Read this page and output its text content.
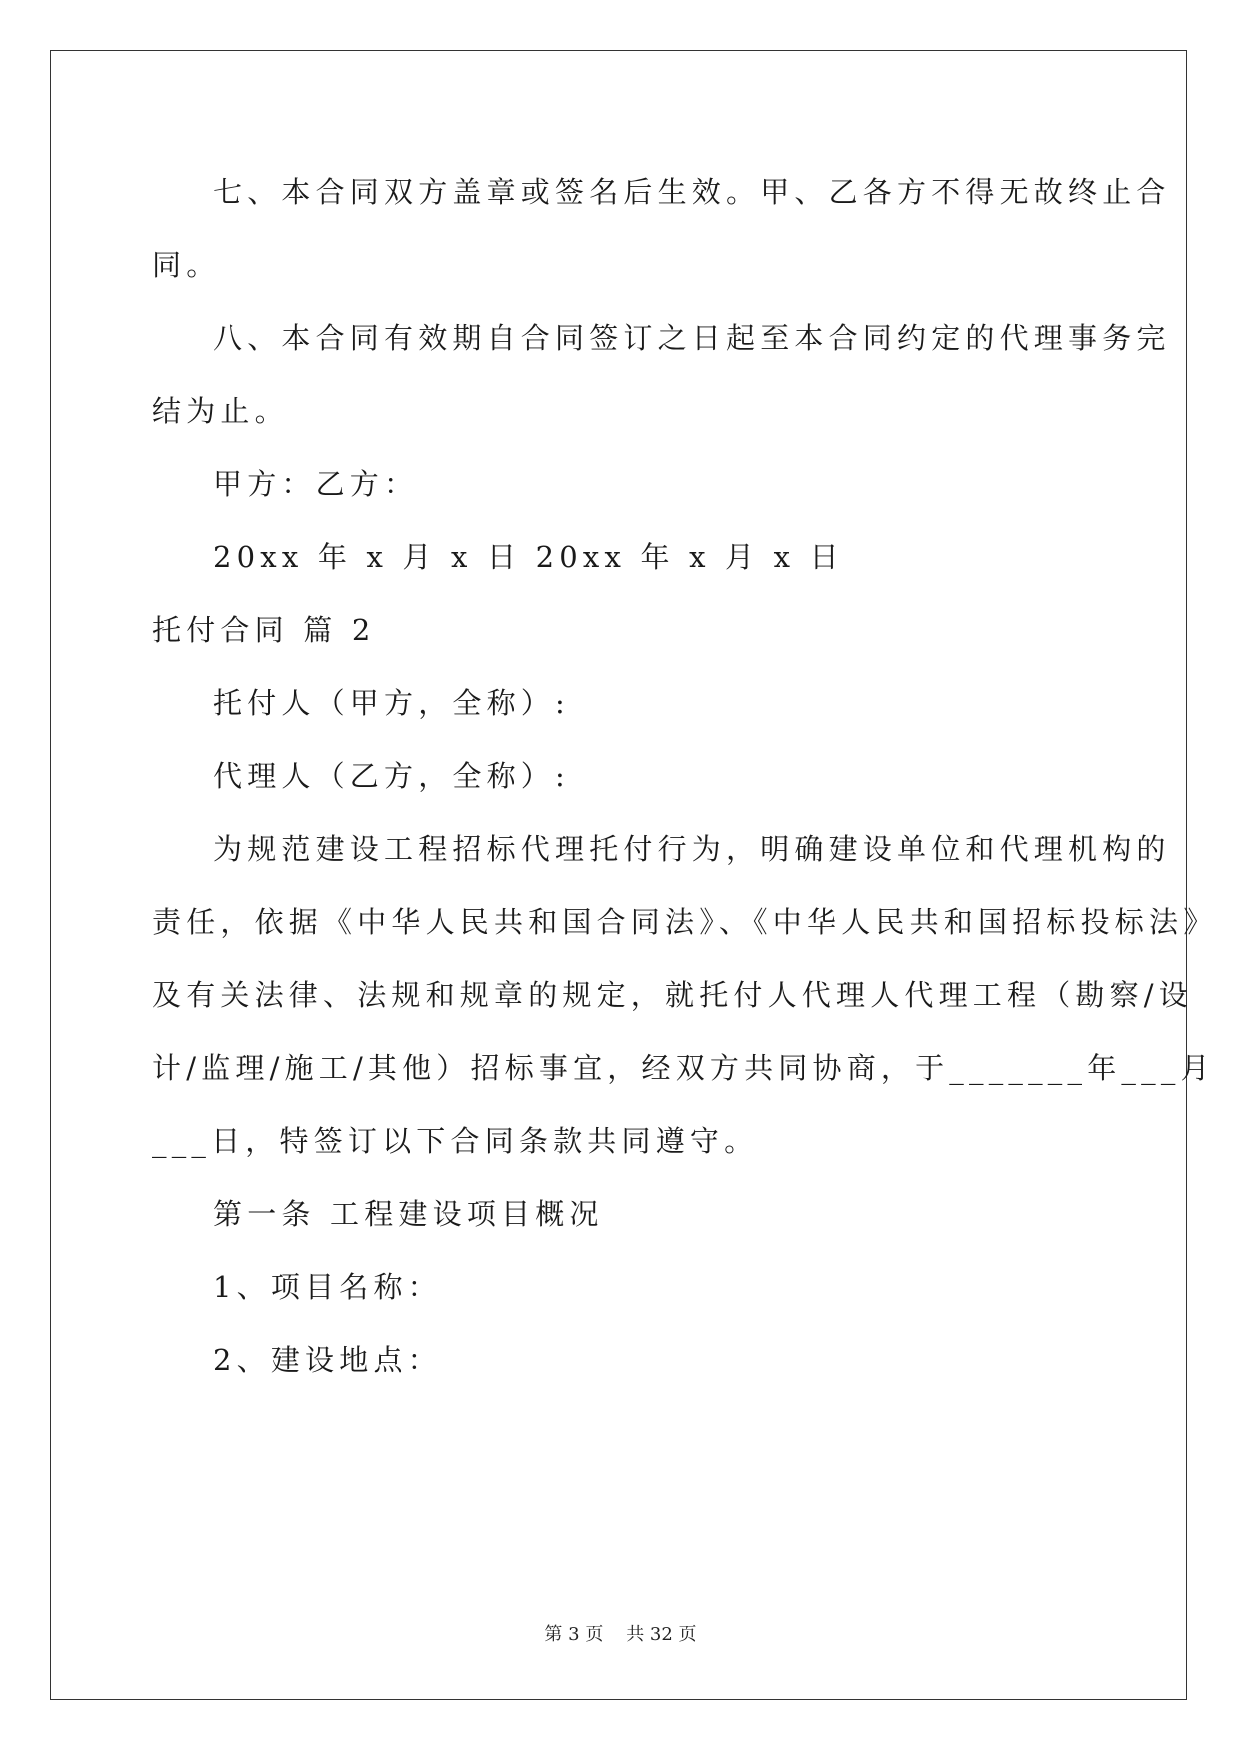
七、本合同双方盖章或签名后生效。甲、乙各方不得无故终止合
同。
八、本合同有效期自合同签订之日起至本合同约定的代理事务完
结为止。
甲方：乙方：
20xx 年 x 月 x 日 20xx 年 x 月 x 日
托付合同 篇 2
托付人（甲方，全称）:
代理人（乙方，全称）:
为规范建设工程招标代理托付行为，明确建设单位和代理机构的
责任，依据《中华人民共和国合同法》、《中华人民共和国招标投标法》
及有关法律、法规和规章的规定，就托付人代理人代理工程（勘察/设
计/监理/施工/其他）招标事宜，经双方共同协商，于_______年___月
___日，特签订以下合同条款共同遵守。
第一条 工程建设项目概况
1、项目名称：
2、建设地点：
第 3 页    共 32 页
